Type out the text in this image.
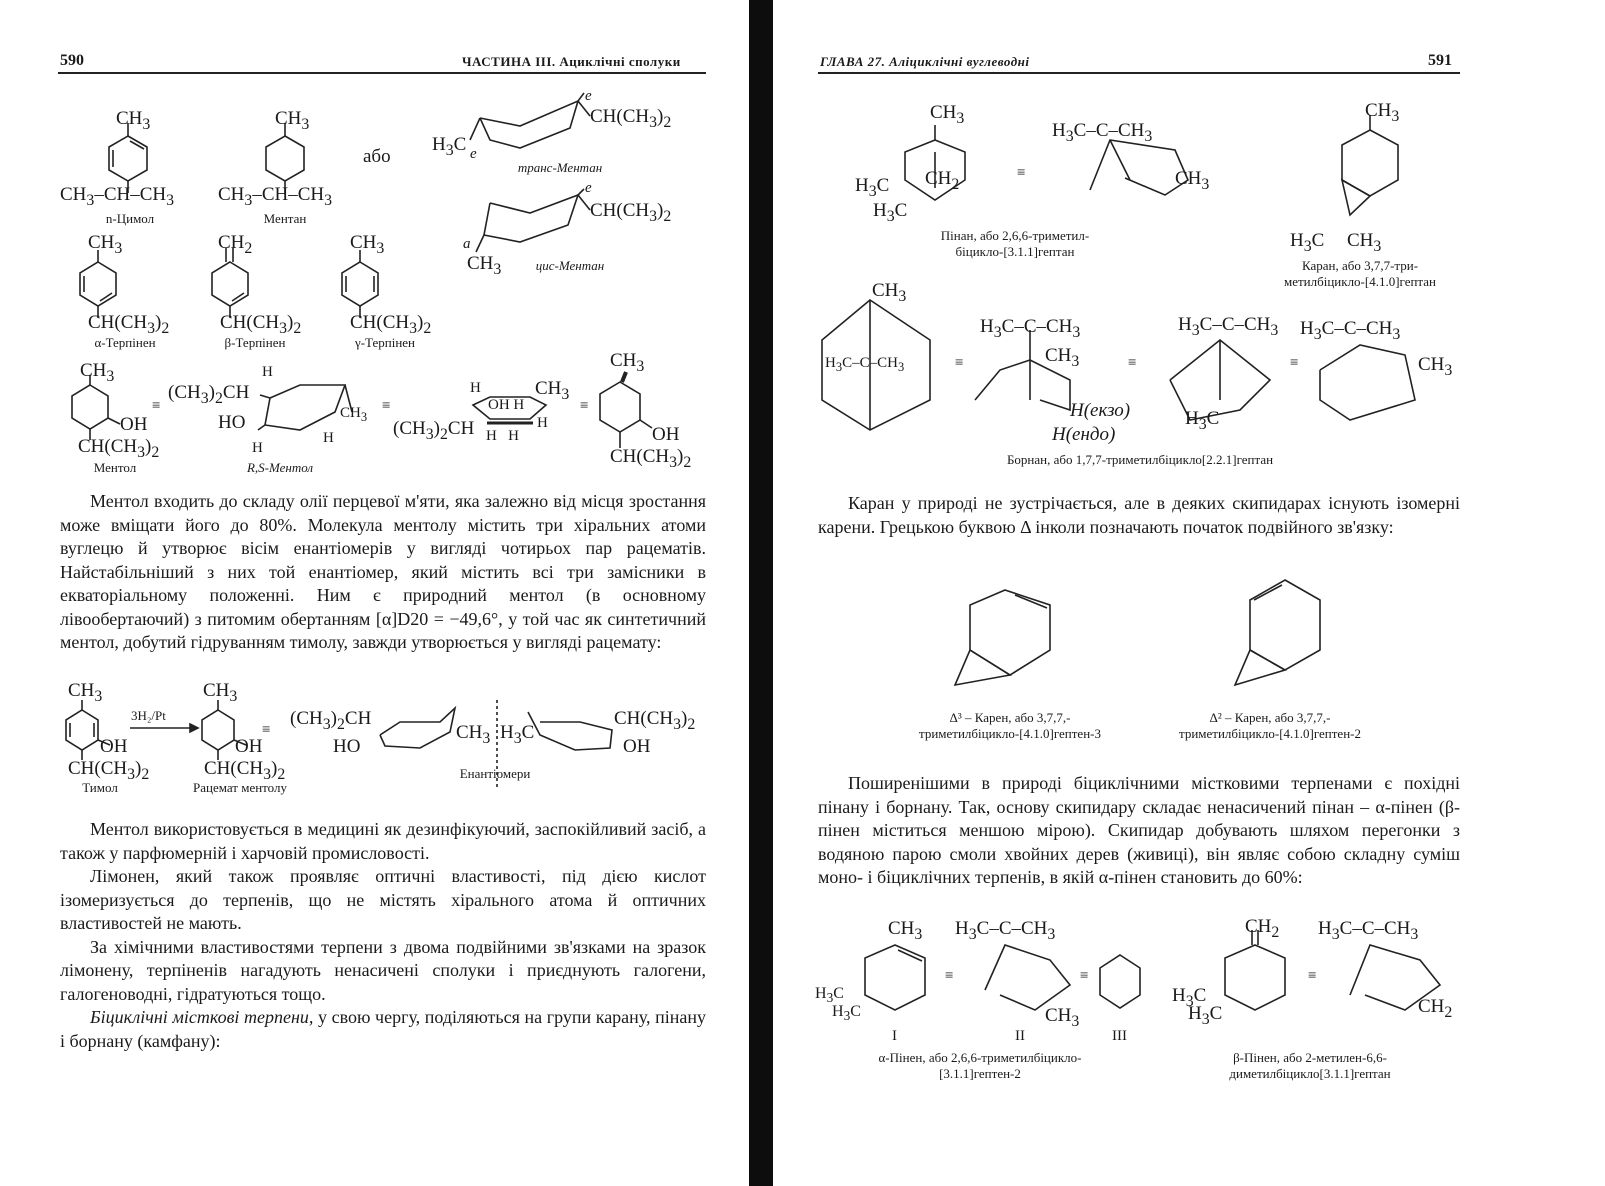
590	ЧАСТИНА III. Ациклічні сполуки
$CH_3$	$CH_3$
$CH_3-CH-CH_3$ $CH_3-CH-CH_3$
n-Цимол	Ментан
або
$H_3C$ e
e
$CH(CH_3)_2$
транс-Ментан
e
$CH(CH_3)_2$
a
$CH_3$	цис-Ментан
$CH_3$	$CH_2$	$CH_3$
$CH(CH_3)_2$	$CH(CH_3)_2$	$CH(CH_3)_2$
α-Терпінен	β-Терпінен	γ-Терпінен
$CH_3$
OH
$CH(CH_3)_2$
Ментол
≡
$(CH_3)_2CH$
H
HO	$CH_3$
H
H
R,S-Ментол
≡
$(CH_3)_2CH$
H
OH H
$CH_3$
H
H   H
≡
$CH_3$
OH
$CH(CH_3)_2$

Ментол входить до складу олії перцевої м'яти, яка залежно від місця зростання може вміщати його до 80%. Молекула ментолу містить три хіральних атоми вуглецю й утворює вісім енантіомерів у вигляді чотирьох пар рацематів. Найстабільніший з них той енантіомер, який містить всі три замісники в екваторіальному положенні. Ним є природний ментол (в основному лівообертаючий) з питомим обертанням [α]D20 = −49,6°, у той час як синтетичний ментол, добутий гідруванням тимолу, завжди утворюється у вигляді рацемату:

$CH_3$	$CH_3$
3H₂/Pt
OH	OH
$CH(CH_3)_2$	$CH(CH_3)_2$
Тимол	Рацемат ментолу
≡
$(CH_3)_2CH$
HO
$CH_3$ $H_3C$
$CH(CH_3)_2$
OH
Енантіомери

Ментол використовується в медицині як дезинфікуючий, заспокійливий засіб, а також у парфюмерній і харчовій промисловості.

Лімонен, який також проявляє оптичні властивості, під дією кислот ізомеризується до терпенів, що не містять хірального атома й оптичних властивостей не мають.

За хімічними властивостями терпени з двома подвійними зв'язками на зразок лімонену, терпіненів нагадують ненасичені сполуки і приєднують галогени, галогеноводні, гідратуються тощо.

Біциклічні місткові терпени, у свою чергу, поділяються на групи карану, пінану і борнану (камфану):

ГЛАВА 27. Аліциклічні вуглеводні	591
$CH_3$
$CH_2$
$H_3C$
$H_3C$
≡
$H_3C-C-CH_3$
$CH_3$
Пінан, або 2,6,6-триметил-біцикло-[3.1.1]гептан
$CH_3$
$H_3C$ $CH_3$
Каран, або 3,7,7-три-метилбіцикло-[4.1.0]гептан
$CH_3$
$H_3C-C-CH_3$	≡
$H_3C-C-CH_3$
$CH_3$
H(екзо)
H(ендо)
≡
$H_3C-C-CH_3$
$H_3C$
≡
$H_3C-C-CH_3$
$CH_3$
Борнан, або 1,7,7-триметилбіцикло[2.2.1]гептан

Каран у природі не зустрічається, але в деяких скипидарах існують ізомерні карени. Грецькою буквою Δ інколи позначають початок подвійного зв'язку:

Δ³ – Карен, або 3,7,7,-триметилбіцикло-[4.1.0]гептен-3
Δ² – Карен, або 3,7,7,-триметилбіцикло-[4.1.0]гептен-2

Поширенішими в природі біциклічними містковими терпенами є похідні пінану і борнану. Так, основу скипидару складає ненасичений пінан – α-пінен (β-пінен міститься меншою мірою). Скипидар добувають шляхом перегонки з водяною парою смоли хвойних дерев (живиці), він являє собою складну суміш моно- і біциклічних терпенів, в якій α-пінен становить до 60%:

$CH_3$
$H_3C$
$H_3C$
≡
$H_3C-C-CH_3$
$CH_3$
≡
I	II	III
α-Пінен, або 2,6,6-триметилбіцикло-[3.1.1]гептен-2
$CH_2$
$H_3C$
$H_3C$
≡
$H_3C-C-CH_3$
$CH_2$
β-Пінен, або 2-метилен-6,6-диметилбіцикло[3.1.1]гептан
